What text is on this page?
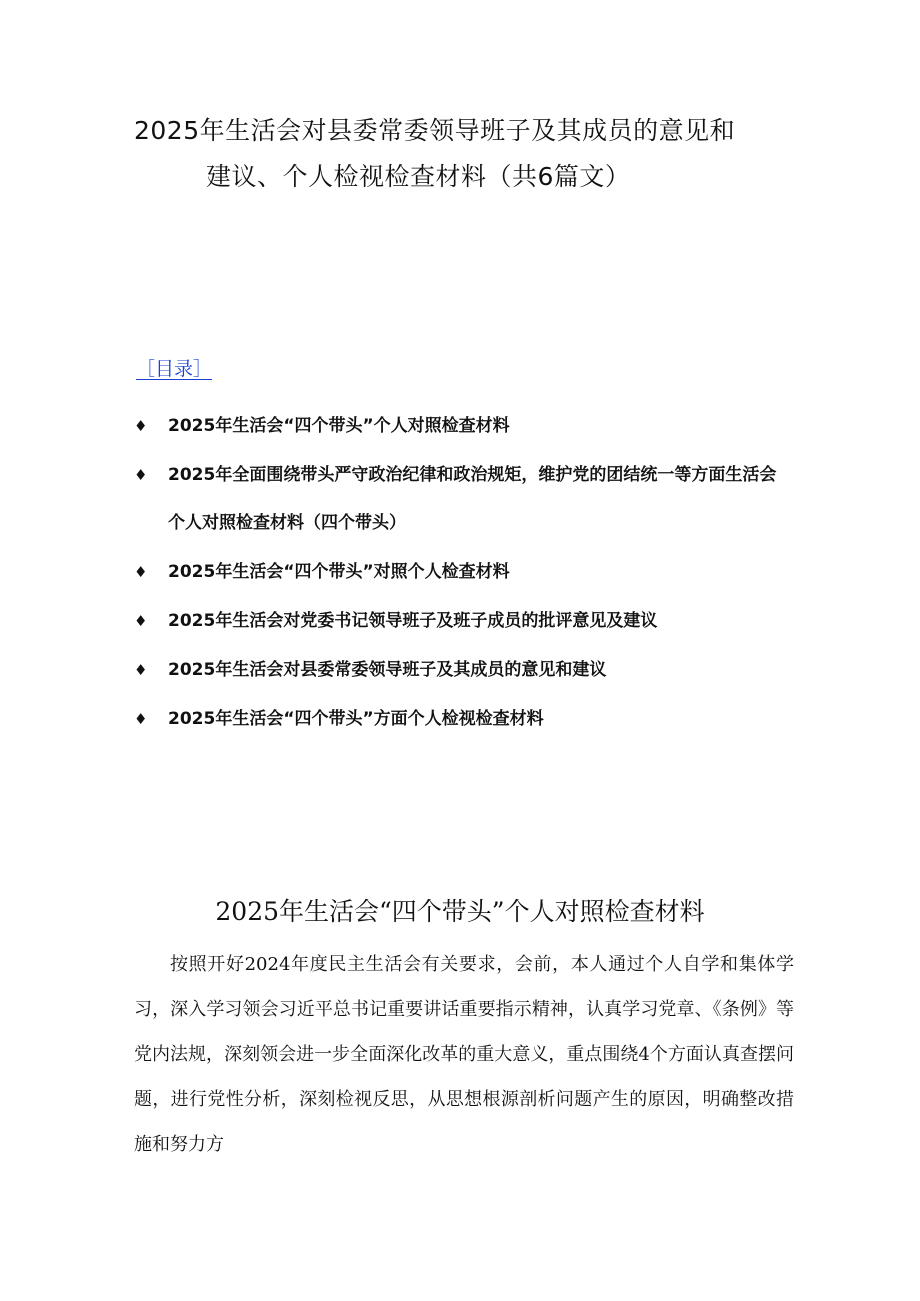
2025年生活会对县委常委领导班子及其成员的意见和
建议、个人检视检查材料（共6篇文）
［目录］
♦ 2025年生活会“四个带头”个人对照检查材料
♦ 2025年全面围绕带头严守政治纪律和政治规矩，维护党的团结统一等方面生活会个人对照检查材料（四个带头）
♦ 2025年生活会“四个带头”对照个人检查材料
♦ 2025年生活会对党委书记领导班子及班子成员的批评意见及建议
♦ 2025年生活会对县委常委领导班子及其成员的意见和建议
♦ 2025年生活会“四个带头”方面个人检视检查材料
2025年生活会“四个带头”个人对照检查材料

按照开好2024年度民主生活会有关要求，会前，本人通过个人自学和集体学习，深入学习领会习近平总书记重要讲话重要指示精神，认真学习党章、《条例》等党内法规，深刻领会进一步全面深化改革的重大意义，重点围绕4个方面认真查摆问题，进行党性分析，深刻检视反思，从思想根源剖析问题产生的原因，明确整改措施和努力方
